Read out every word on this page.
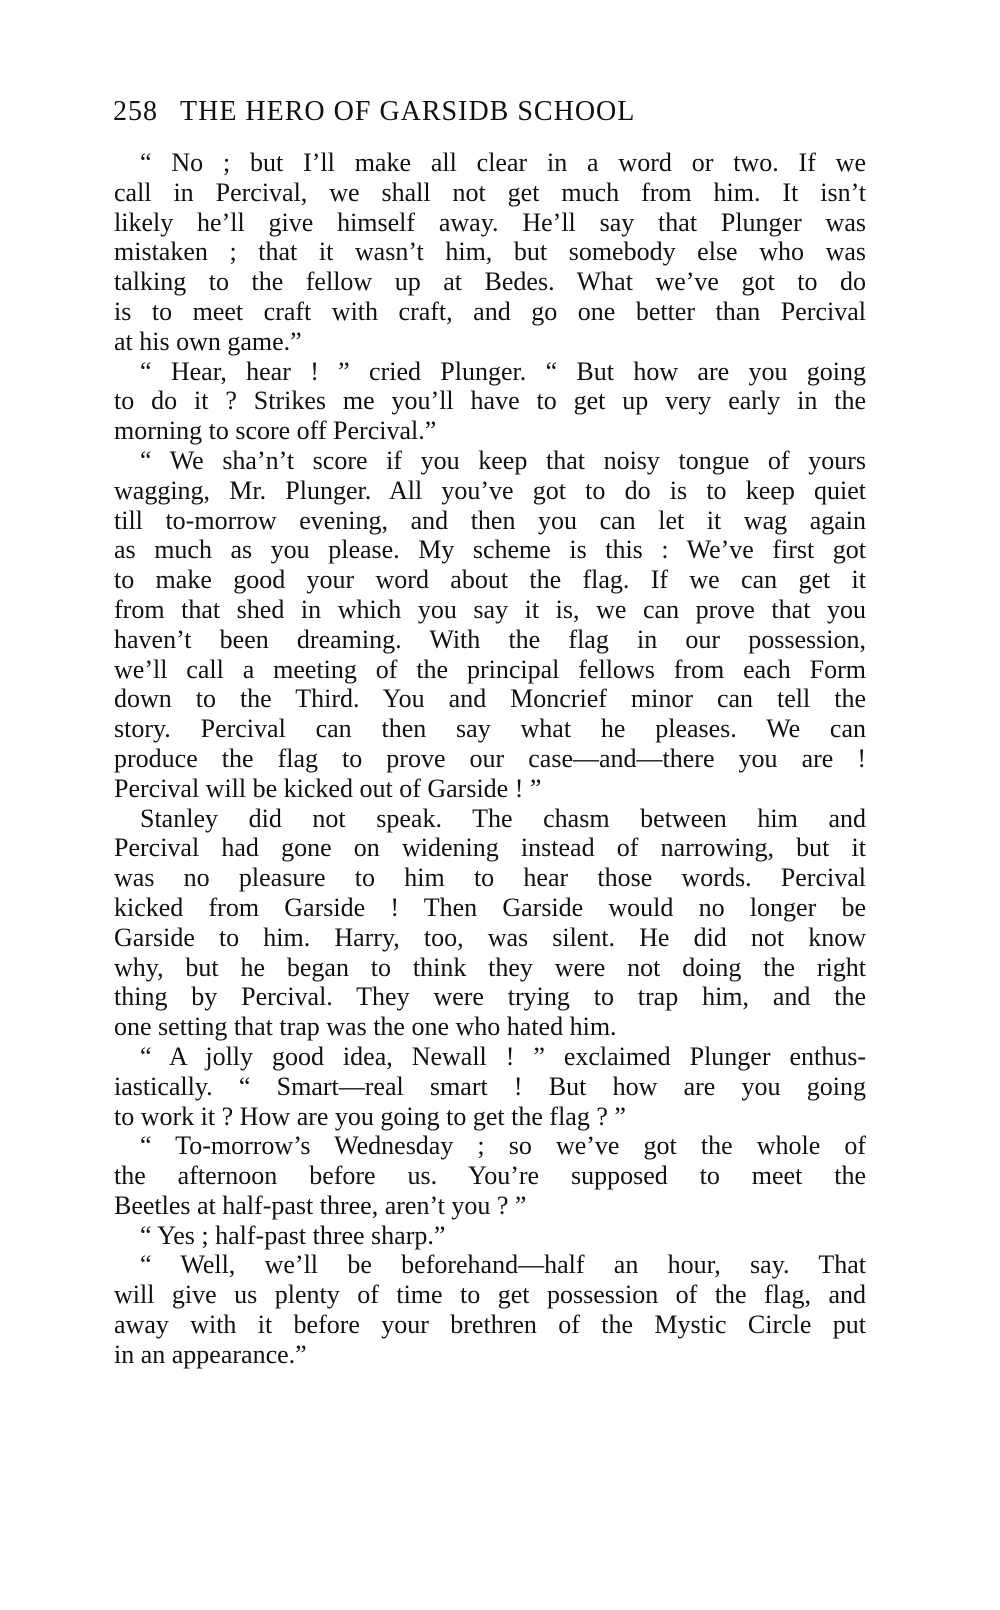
258 THE HERO OF GARSIDB SCHOOL
“ No ; but I’ll make all clear in a word or two. If we
call in Percival, we shall not get much from him. It isn’t
likely he’ll give himself away. He’ll say that Plunger was
mistaken ; that it wasn’t him, but somebody else who was
talking to the fellow up at Bedes. What we’ve got to do
is to meet craft with craft, and go one better than Percival
at his own game.”
“ Hear, hear ! ” cried Plunger. “ But how are you going
to do it ? Strikes me you’ll have to get up very early in the
morning to score off Percival.”
“ We sha’n’t score if you keep that noisy tongue of yours
wagging, Mr. Plunger. All you’ve got to do is to keep quiet
till to-morrow evening, and then you can let it wag again
as much as you please. My scheme is this : We’ve first got
to make good your word about the flag. If we can get it
from that shed in which you say it is, we can prove that you
haven’t been dreaming. With the flag in our possession,
we’ll call a meeting of the principal fellows from each Form
down to the Third. You and Moncrief minor can tell the
story. Percival can then say what he pleases. We can
produce the flag to prove our case—and—there you are !
Percival will be kicked out of Garside ! ”
Stanley did not speak. The chasm between him and
Percival had gone on widening instead of narrowing, but it
was no pleasure to him to hear those words. Percival
kicked from Garside ! Then Garside would no longer be
Garside to him. Harry, too, was silent. He did not know
why, but he began to think they were not doing the right
thing by Percival. They were trying to trap him, and the
one setting that trap was the one who hated him.
“ A jolly good idea, Newall ! ” exclaimed Plunger enthus-
iastically. “ Smart—real smart ! But how are you going
to work it ? How are you going to get the flag ? ”
“ To-morrow’s Wednesday ; so we’ve got the whole of
the afternoon before us. You’re supposed to meet the
Beetles at half-past three, aren’t you ? ”
“ Yes ; half-past three sharp.”
“ Well, we’ll be beforehand—half an hour, say. That
will give us plenty of time to get possession of the flag, and
away with it before your brethren of the Mystic Circle put
in an appearance.”
